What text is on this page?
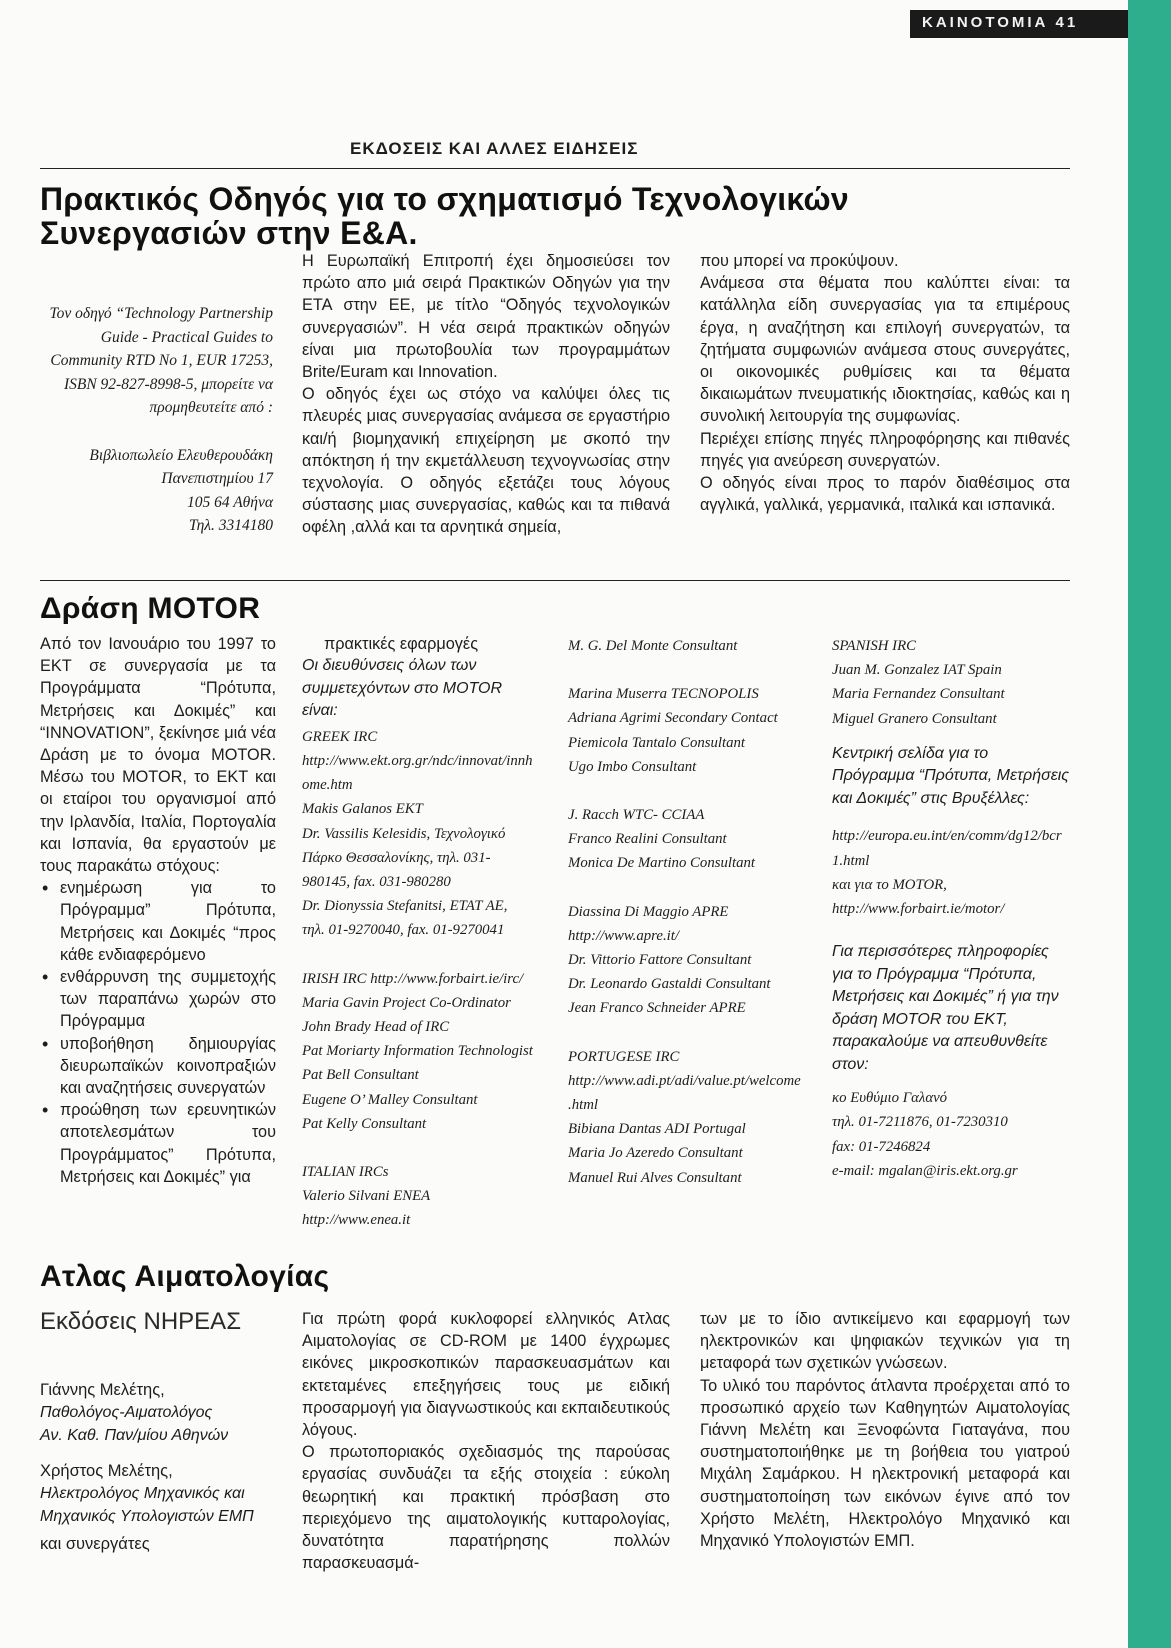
ΚΑΙΝΟΤΟΜΙΑ 41
ΕΚΔΟΣΕΙΣ ΚΑΙ ΑΛΛΕΣ ΕΙΔΗΣΕΙΣ
Πρακτικός Οδηγός για το σχηματισμό Τεχνολογικών
Συνεργασιών στην Ε&Α.

Τον οδηγό “Technology Partnership

Guide - Practical Guides to

Community RTD No 1, EUR 17253,

ISBN 92-827-8998-5, μπορείτε να

προμηθευτείτε από :

Βιβλιοπωλείο Ελευθερουδάκη

Πανεπιστημίου 17

105 64 Αθήνα

Τηλ. 3314180

Η Ευρωπαϊκή Επιτροπή έχει δημοσιεύσει τον πρώτο απο μιά σειρά Πρακτικών Οδηγών για την ΕΤΑ στην ΕΕ, με τίτλο “Οδηγός τεχνολογικών συνεργασιών”. Η νέα σειρά πρακτικών οδηγών είναι μια πρωτοβουλία των προγραμμάτων Brite/Euram και Innovation.

Ο οδηγός έχει ως στόχο να καλύψει όλες τις πλευρές μιας συνεργασίας ανάμεσα σε εργαστήριο και/ή βιομηχανική επιχείρηση με σκοπό την απόκτηση ή την εκμετάλλευση τεχνογνωσίας στην τεχνολογία. Ο οδηγός εξετάζει τους λόγους σύστασης μιας συνεργασίας, καθώς και τα πιθανά οφέλη ,αλλά και τα αρνητικά σημεία,

που μπορεί να προκύψουν.

Ανάμεσα στα θέματα που καλύπτει είναι: τα κατάλληλα είδη συνεργασίας για τα επιμέρους έργα, η αναζήτηση και επιλογή συνεργατών, τα ζητήματα συμφωνιών ανάμεσα στους συνεργάτες, οι οικονομικές ρυθμίσεις και τα θέματα δικαιωμάτων πνευματικής ιδιοκτησίας, καθώς και η συνολική λειτουργία της συμφωνίας.

Περιέχει επίσης πηγές πληροφόρησης και πιθανές πηγές για ανεύρεση συνεργατών.

Ο οδηγός είναι προς το παρόν διαθέσιμος στα αγγλικά, γαλλικά, γερμανικά, ιταλικά και ισπανικά.

Δράση MOTOR

Από τον Ιανουάριο του 1997 το ΕΚΤ σε συνεργασία με τα Προγράμματα “Πρότυπα, Μετρήσεις και Δοκιμές” και “INNOVATION”, ξεκίνησε μιά νέα Δράση με το όνομα MOTOR. Μέσω του MOTOR, το ΕΚΤ και οι εταίροι του οργανισμοί από την Ιρλανδία, Ιταλία, Πορτογαλία και Ισπανία, θα εργαστούν με τους παρακάτω στόχους:

• ενημέρωση για το Πρόγραμμα” Πρότυπα, Μετρήσεις και Δοκιμές “προς κάθε ενδιαφερόμενο
• ενθάρρυνση της συμμετοχής των παραπάνω χωρών στο Πρόγραμμα
• υποβοήθηση δημιουργίας διευρωπαϊκών κοινοπραξιών και αναζητήσεις συνεργατών
• προώθηση των ερευνητικών αποτελεσμάτων του Προγράμματος” Πρότυπα, Μετρήσεις και Δοκιμές” για
πρακτικές εφαρμογές
Οι διευθύνσεις όλων των συμμετεχόντων στο MOTOR είναι:
GREEK IRC
http://www.ekt.org.gr/ndc/innovat/innh
ome.htm
Makis Galanos EKT
Dr. Vassilis Kelesidis, Τεχνολογικό
Πάρκο Θεσσαλονίκης, τηλ. 031-
980145, fax. 031-980280
Dr. Dionyssia Stefanitsi, ETAT AE,
τηλ. 01-9270040, fax. 01-9270041
IRISH IRC http://www.forbairt.ie/irc/
Maria Gavin Project Co-Ordinator
John Brady Head of IRC
Pat Moriarty Information Technologist
Pat Bell Consultant
Eugene O’ Malley Consultant
Pat Kelly Consultant
ITALIAN IRCs
Valerio Silvani ENEA
http://www.enea.it
M. G. Del Monte Consultant
Marina Muserra TECNOPOLIS
Adriana Agrimi Secondary Contact
Piemicola Tantalo Consultant
Ugo Imbo Consultant
J. Racch WTC- CCIAA
Franco Realini Consultant
Monica De Martino Consultant
Diassina Di Maggio APRE
http://www.apre.it/
Dr. Vittorio Fattore Consultant
Dr. Leonardo Gastaldi Consultant
Jean Franco Schneider APRE
PORTUGESE IRC
http://www.adi.pt/adi/value.pt/welcome
.html
Bibiana Dantas ADI Portugal
Maria Jo Azeredo Consultant
Manuel Rui Alves Consultant
SPANISH IRC
Juan M. Gonzalez IAT Spain
Maria Fernandez Consultant
Miguel Granero Consultant
Κεντρική σελίδα για το Πρόγραμμα “Πρότυπα, Μετρήσεις και Δοκιμές” στις Βρυξέλλες:
http://europa.eu.int/en/comm/dg12/bcr
1.html
και για το MOTOR,
http://www.forbairt.ie/motor/
Για περισσότερες πληροφορίες για το Πρόγραμμα “Πρότυπα, Μετρήσεις και Δοκιμές” ή για την δράση MOTOR του ΕΚΤ, παρακαλούμε να απευθυνθείτε στον:
κο Ευθύμιο Γαλανό
τηλ. 01-7211876, 01-7230310
fax: 01-7246824
e-mail: mgalan@iris.ekt.org.gr
Ατλας Αιματολογίας
Εκδόσεις ΝΗΡΕΑΣ
Γιάννης Μελέτης,
Παθολόγος-Αιματολόγος
Αν. Καθ. Παν/μίου Αθηνών
Χρήστος Μελέτης,
Ηλεκτρολόγος Μηχανικός και
Μηχανικός Υπολογιστών ΕΜΠ
και συνεργάτες

Για πρώτη φορά κυκλοφορεί ελληνικός Ατλας Αιματολογίας σε CD-ROM με 1400 έγχρωμες εικόνες μικροσκοπικών παρασκευασμάτων και εκτεταμένες επεξηγήσεις τους με ειδική προσαρμογή για διαγνωστικούς και εκπαιδευτικούς λόγους.

Ο πρωτοποριακός σχεδιασμός της παρούσας εργασίας συνδυάζει τα εξής στοιχεία : εύκολη θεωρητική και πρακτική πρόσβαση στο περιεχόμενο της αιματολογικής κυτταρολογίας, δυνατότητα παρατήρησης πολλών παρασκευασμά-

των με το ίδιο αντικείμενο και εφαρμογή των ηλεκτρονικών και ψηφιακών τεχνικών για τη μεταφορά των σχετικών γνώσεων.

Το υλικό του παρόντος άτλαντα προέρχεται από το προσωπικό αρχείο των Καθηγητών Αιματολογίας Γιάννη Μελέτη και Ξενοφώντα Γιαταγάνα, που συστηματοποιήθηκε με τη βοήθεια του γιατρού Μιχάλη Σαμάρκου. Η ηλεκτρονική μεταφορά και συστηματοποίηση των εικόνων έγινε από τον Χρήστο Μελέτη, Ηλεκτρολόγο Μηχανικό και Μηχανικό Υπολογιστών ΕΜΠ.
